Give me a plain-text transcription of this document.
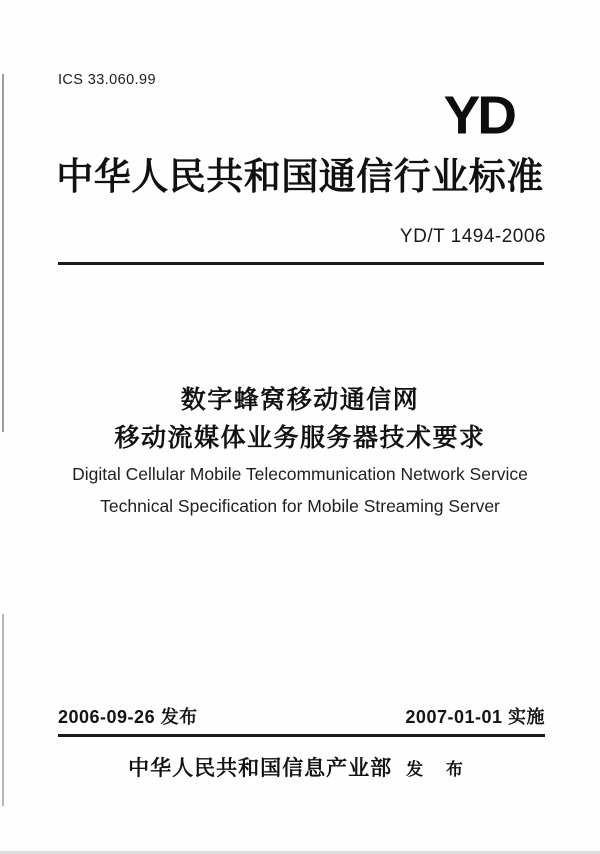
ICS 33.060.99
YD
中华人民共和国通信行业标准
YD/T 1494-2006
数字蜂窝移动通信网
移动流媒体业务服务器技术要求
Digital Cellular Mobile Telecommunication Network Service
Technical Specification for Mobile Streaming Server
2006-09-26 发布	2007-01-01 实施
中华人民共和国信息产业部 发 布
